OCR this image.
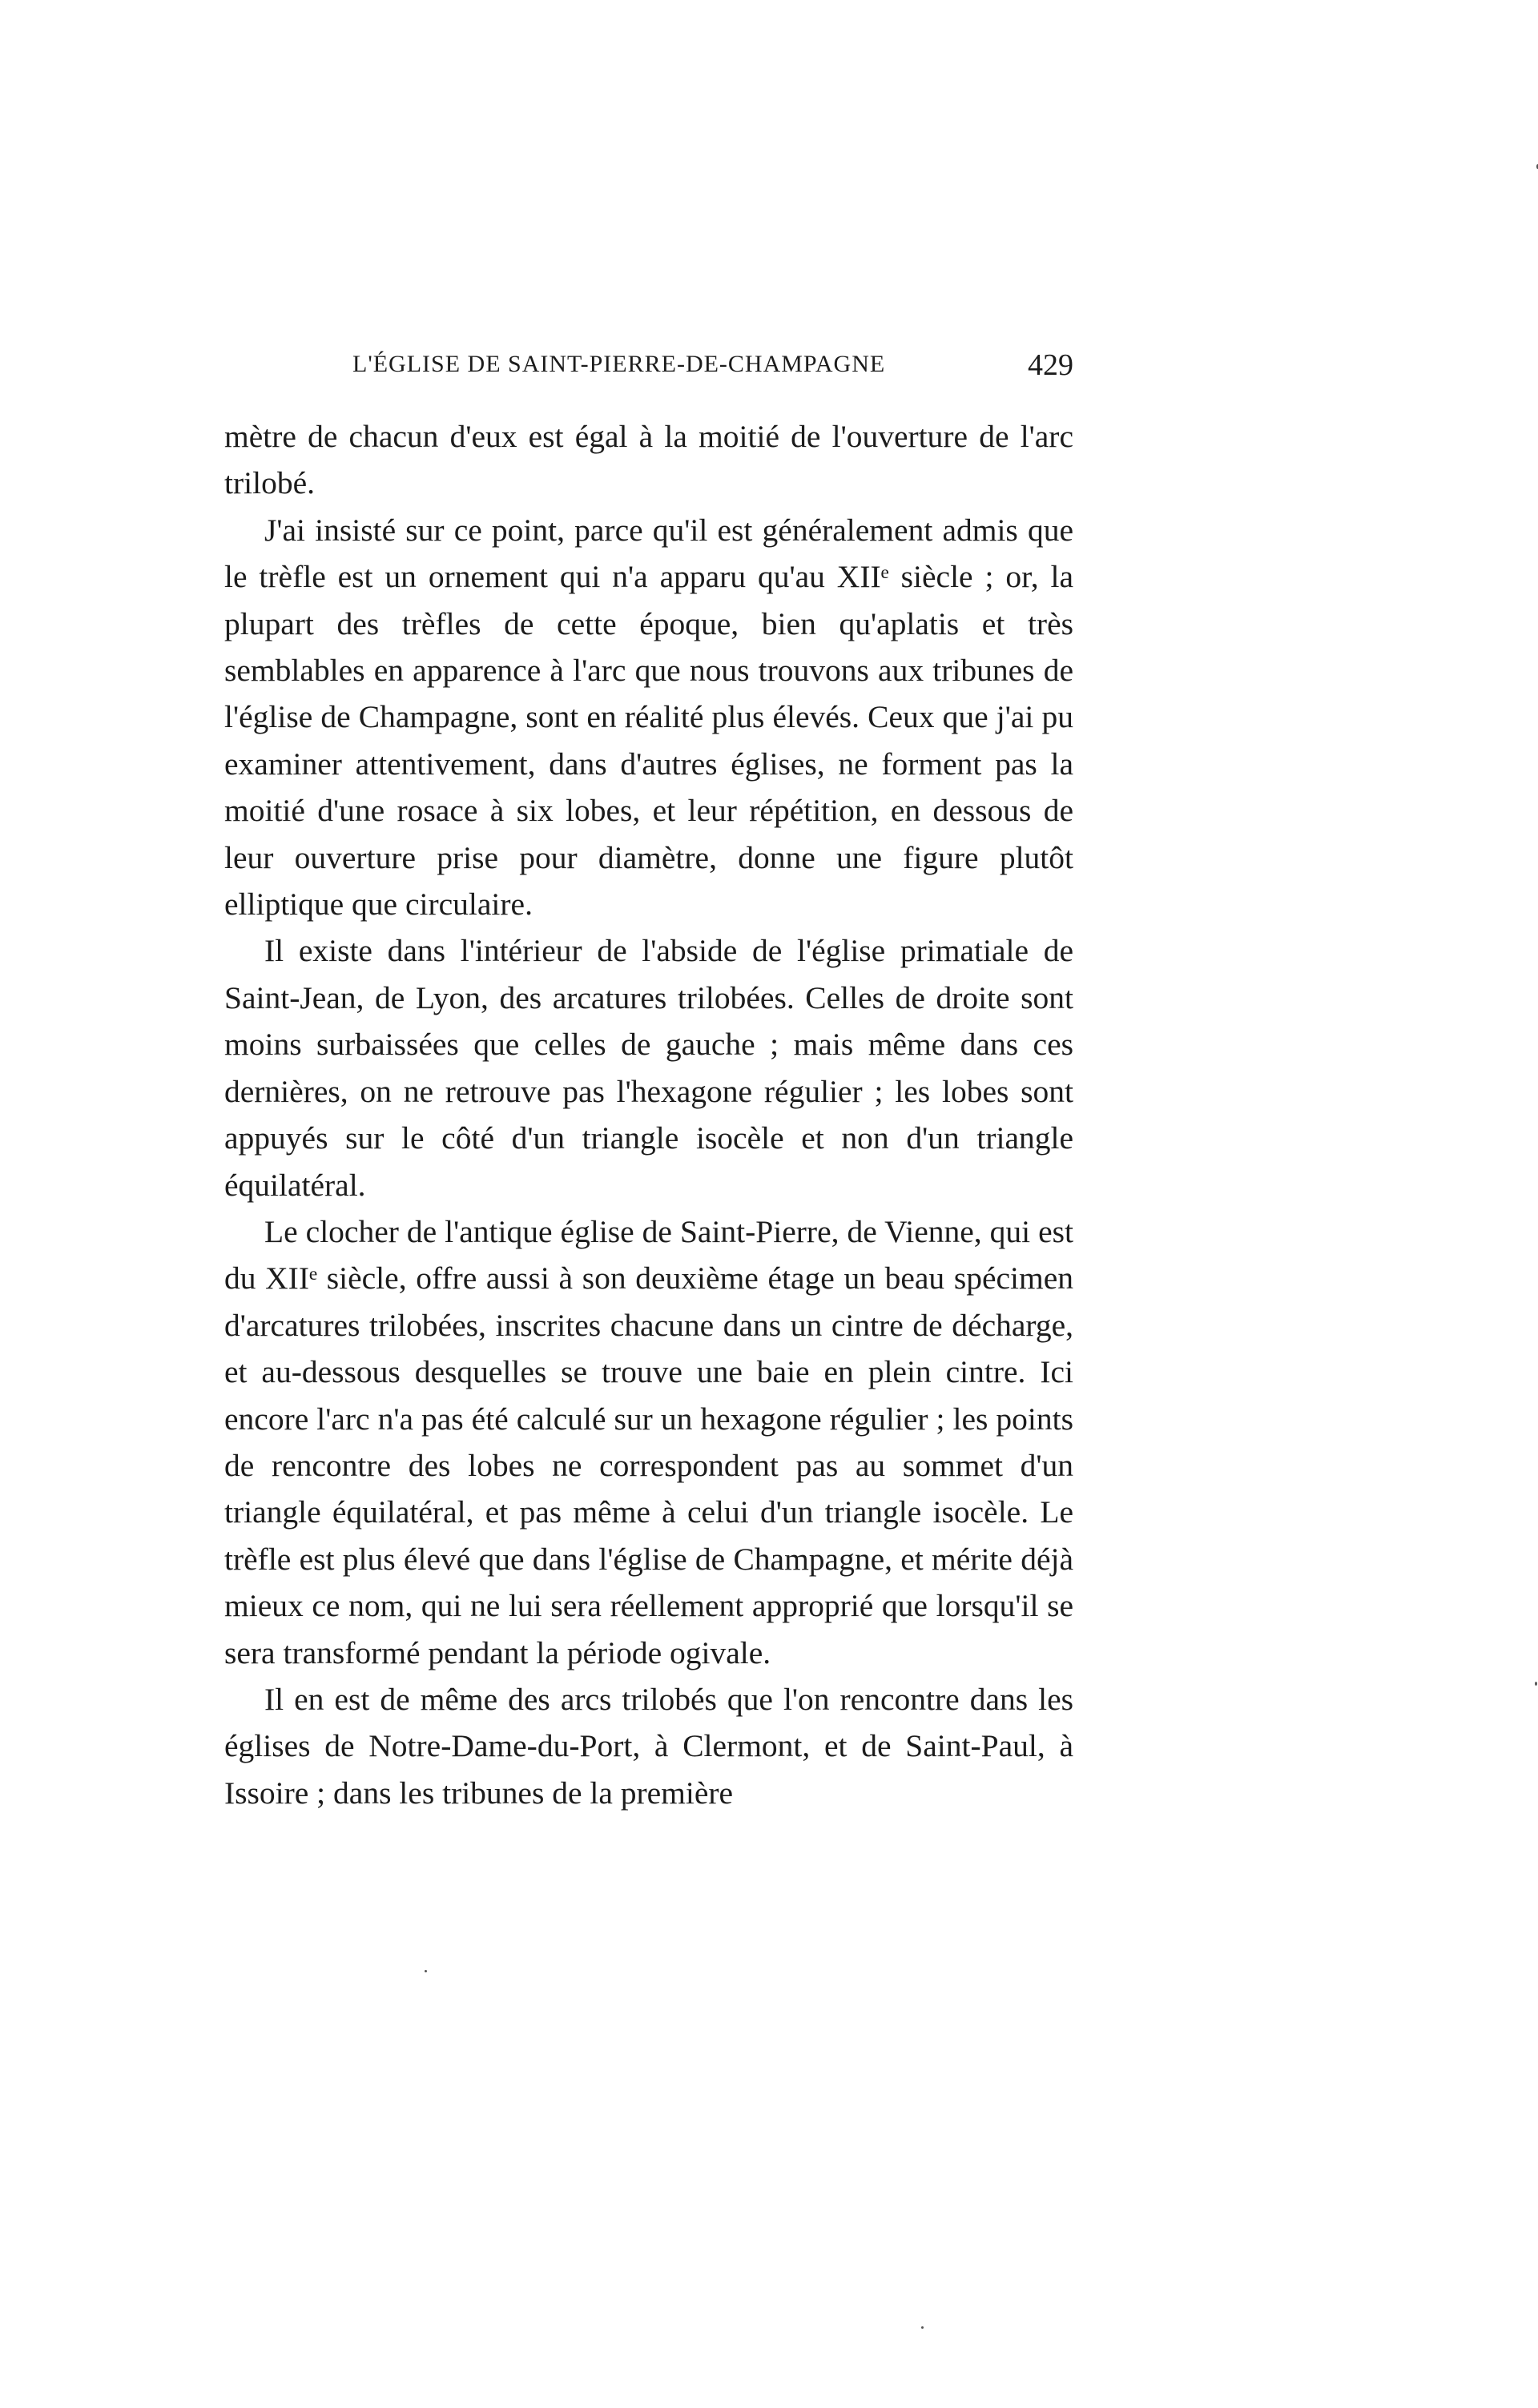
L'ÉGLISE DE SAINT-PIERRE-DE-CHAMPAGNE	429

mètre de chacun d'eux est égal à la moitié de l'ouverture de l'arc trilobé.

J'ai insisté sur ce point, parce qu'il est généralement admis que le trèfle est un ornement qui n'a apparu qu'au XIIᵉ siècle ; or, la plupart des trèfles de cette époque, bien qu'aplatis et très semblables en apparence à l'arc que nous trouvons aux tribunes de l'église de Champagne, sont en réalité plus élevés. Ceux que j'ai pu examiner attentivement, dans d'autres églises, ne forment pas la moitié d'une rosace à six lobes, et leur répétition, en dessous de leur ouverture prise pour diamètre, donne une figure plutôt elliptique que circulaire.

Il existe dans l'intérieur de l'abside de l'église primatiale de Saint-Jean, de Lyon, des arcatures trilobées. Celles de droite sont moins surbaissées que celles de gauche ; mais même dans ces dernières, on ne retrouve pas l'hexagone régulier ; les lobes sont appuyés sur le côté d'un triangle isocèle et non d'un triangle équilatéral.

Le clocher de l'antique église de Saint-Pierre, de Vienne, qui est du XIIᵉ siècle, offre aussi à son deuxième étage un beau spécimen d'arcatures trilobées, inscrites chacune dans un cintre de décharge, et au-dessous desquelles se trouve une baie en plein cintre. Ici encore l'arc n'a pas été calculé sur un hexagone régulier ; les points de rencontre des lobes ne correspondent pas au sommet d'un triangle équilatéral, et pas même à celui d'un triangle isocèle. Le trèfle est plus élevé que dans l'église de Champagne, et mérite déjà mieux ce nom, qui ne lui sera réellement approprié que lorsqu'il se sera transformé pendant la période ogivale.

Il en est de même des arcs trilobés que l'on rencontre dans les églises de Notre-Dame-du-Port, à Clermont, et de Saint-Paul, à Issoire ; dans les tribunes de la première
